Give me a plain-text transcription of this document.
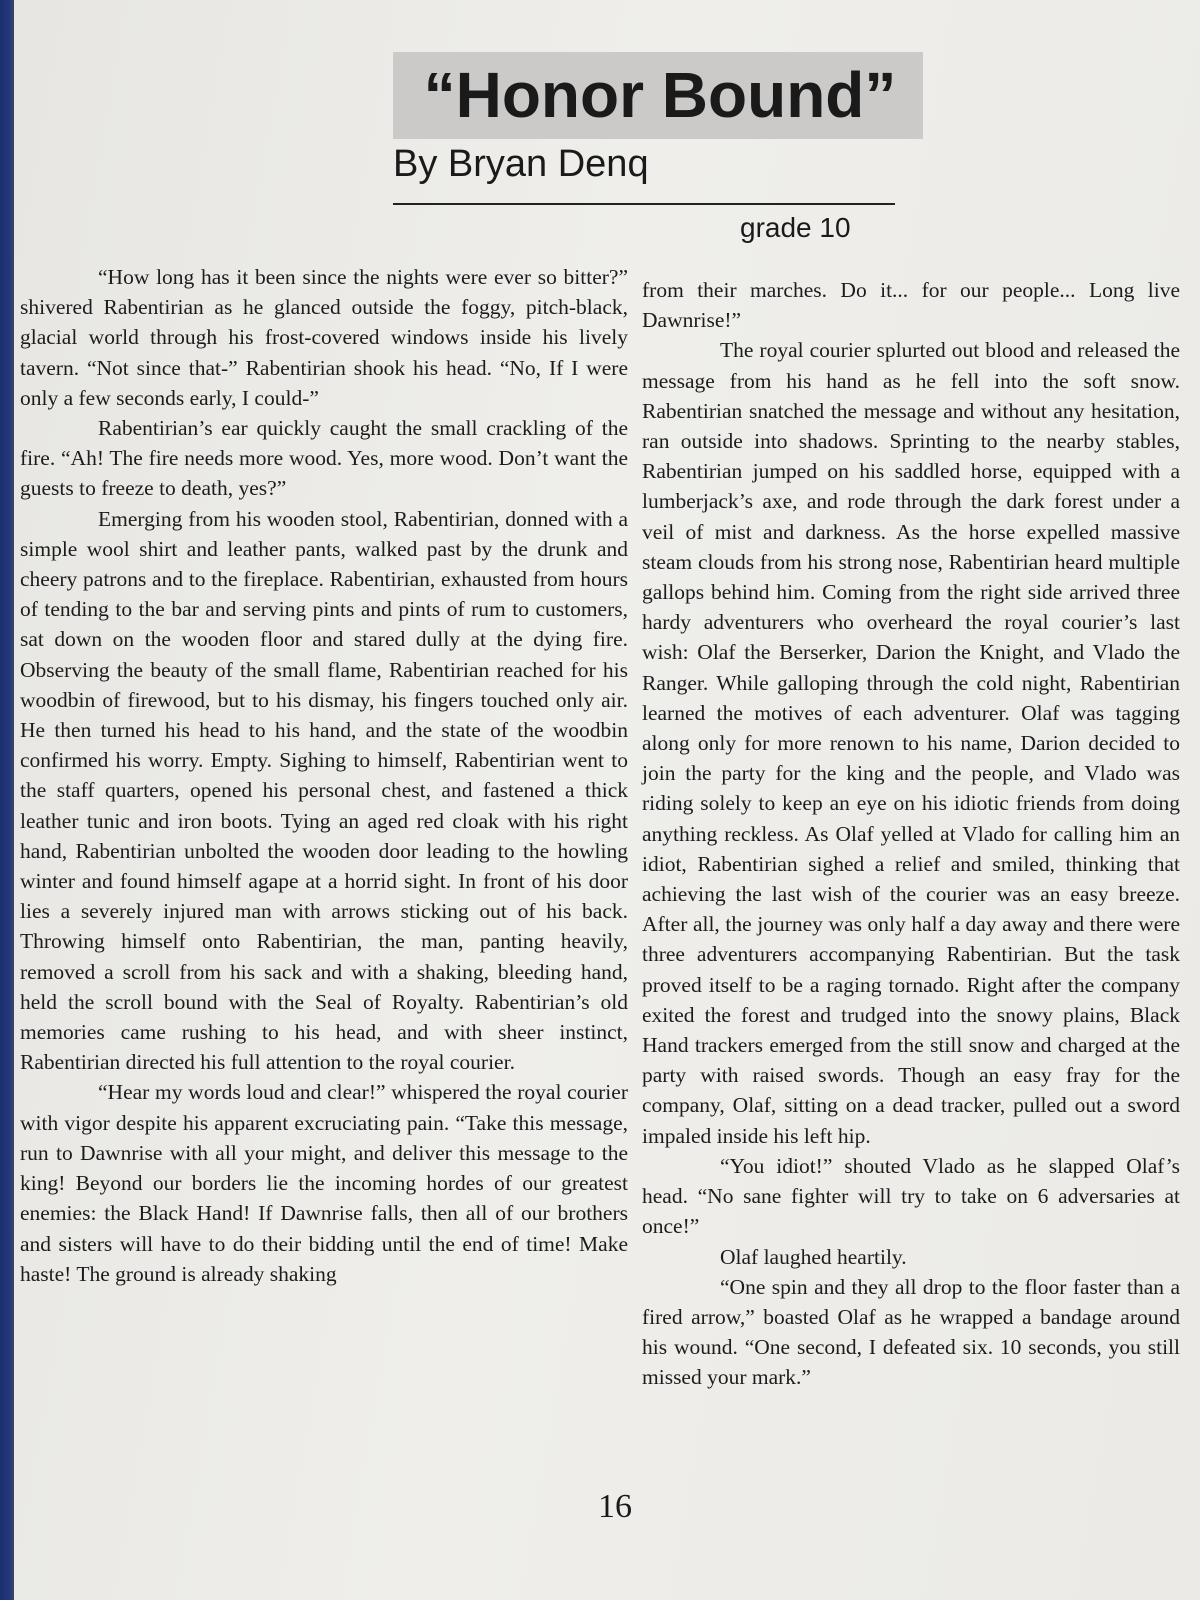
“Honor Bound”
By Bryan Denq
grade 10

“How long has it been since the nights were ever so bitter?” shivered Rabentirian as he glanced outside the foggy, pitch-black, glacial world through his frost-covered windows inside his lively tavern. “Not since that-” Rabentirian shook his head. “No, If I were only a few seconds early, I could-”

Rabentirian’s ear quickly caught the small crackling of the fire. “Ah! The fire needs more wood. Yes, more wood. Don’t want the guests to freeze to death, yes?”

Emerging from his wooden stool, Rabentirian, donned with a simple wool shirt and leather pants, walked past by the drunk and cheery patrons and to the fireplace. Rabentirian, exhausted from hours of tending to the bar and serving pints and pints of rum to customers, sat down on the wooden floor and stared dully at the dying fire. Observing the beauty of the small flame, Rabentirian reached for his woodbin of firewood, but to his dismay, his fingers touched only air. He then turned his head to his hand, and the state of the woodbin confirmed his worry. Empty. Sighing to himself, Rabentirian went to the staff quarters, opened his personal chest, and fastened a thick leather tunic and iron boots. Tying an aged red cloak with his right hand, Rabentirian unbolted the wooden door leading to the howling winter and found himself agape at a horrid sight. In front of his door lies a severely injured man with arrows sticking out of his back. Throwing himself onto Rabentirian, the man, panting heavily, removed a scroll from his sack and with a shaking, bleeding hand, held the scroll bound with the Seal of Royalty. Rabentirian’s old memories came rushing to his head, and with sheer instinct, Rabentirian directed his full attention to the royal courier.

“Hear my words loud and clear!” whispered the royal courier with vigor despite his apparent excruciating pain. “Take this message, run to Dawnrise with all your might, and deliver this message to the king! Beyond our borders lie the incoming hordes of our greatest enemies: the Black Hand! If Dawnrise falls, then all of our brothers and sisters will have to do their bidding until the end of time! Make haste! The ground is already shaking

from their marches. Do it... for our people... Long live Dawnrise!”

The royal courier splurted out blood and released the message from his hand as he fell into the soft snow. Rabentirian snatched the message and without any hesitation, ran outside into shadows. Sprinting to the nearby stables, Rabentirian jumped on his saddled horse, equipped with a lumberjack’s axe, and rode through the dark forest under a veil of mist and darkness. As the horse expelled massive steam clouds from his strong nose, Rabentirian heard multiple gallops behind him. Coming from the right side arrived three hardy adventurers who overheard the royal courier’s last wish: Olaf the Berserker, Darion the Knight, and Vlado the Ranger. While galloping through the cold night, Rabentirian learned the motives of each adventurer. Olaf was tagging along only for more renown to his name, Darion decided to join the party for the king and the people, and Vlado was riding solely to keep an eye on his idiotic friends from doing anything reckless. As Olaf yelled at Vlado for calling him an idiot, Rabentirian sighed a relief and smiled, thinking that achieving the last wish of the courier was an easy breeze. After all, the journey was only half a day away and there were three adventurers accompanying Rabentirian. But the task proved itself to be a raging tornado. Right after the company exited the forest and trudged into the snowy plains, Black Hand trackers emerged from the still snow and charged at the party with raised swords. Though an easy fray for the company, Olaf, sitting on a dead tracker, pulled out a sword impaled inside his left hip.

“You idiot!” shouted Vlado as he slapped Olaf’s head. “No sane fighter will try to take on 6 adversaries at once!”

Olaf laughed heartily.

“One spin and they all drop to the floor faster than a fired arrow,” boasted Olaf as he wrapped a bandage around his wound. “One second, I defeated six. 10 seconds, you still missed your mark.”

16
